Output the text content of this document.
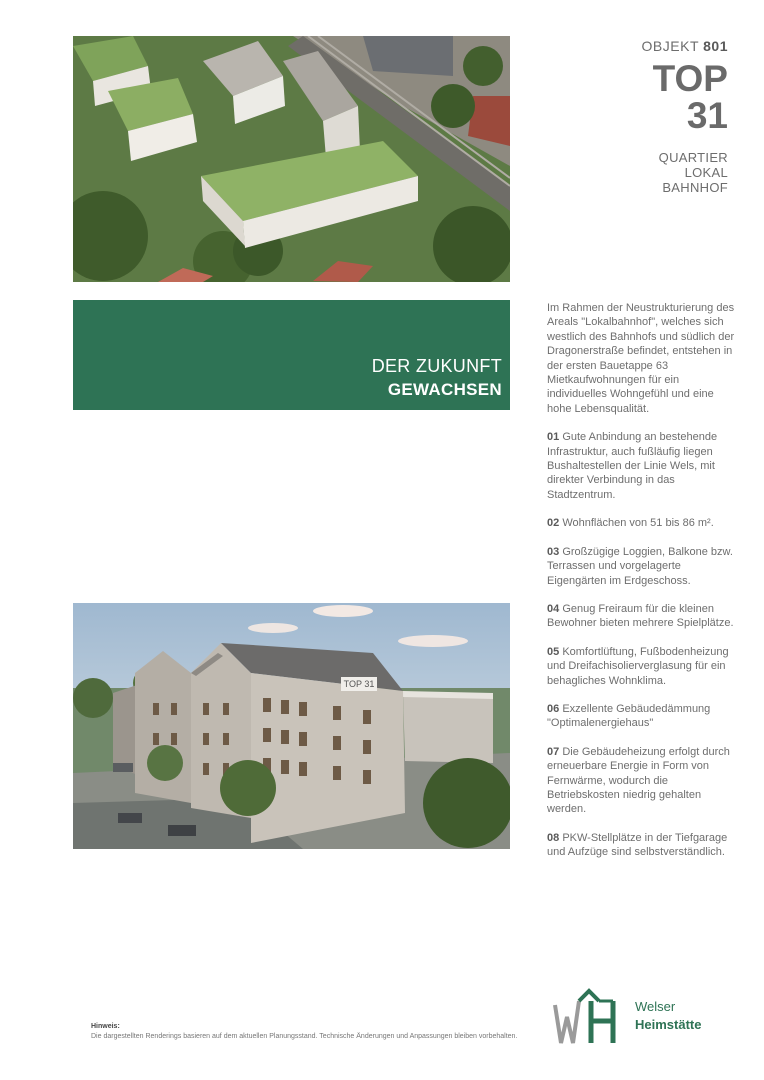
OBJEKT 801
TOP
31
QUARTIER
LOKAL
BAHNHOF
DER ZUKUNFT
GEWACHSEN

Im Rahmen der Neustrukturierung des Areals "Lokalbahnhof", welches sich westlich des Bahnhofs und südlich der Dragonerstraße befindet, entstehen in der ersten Bauetappe 63 Mietkaufwohnungen für ein individuelles Wohngefühl und eine hohe Lebensqualität.

01 Gute Anbindung an bestehende Infrastruktur, auch fußläufig liegen Bushaltestellen der Linie Wels, mit direkter Verbindung in das Stadtzentrum.

02 Wohnflächen von 51 bis 86 m².

03 Großzügige Loggien, Balkone bzw. Terrassen und vorgelagerte Eigengärten im Erdgeschoss.

04 Genug Freiraum für die kleinen Bewohner bieten mehrere Spielplätze.

05 Komfortlüftung, Fußbodenheizung und Dreifachisolierverglasung für ein behagliches Wohnklima.

06 Exzellente Gebäudedämmung "Optimalenergiehaus"

07 Die Gebäudeheizung erfolgt durch erneuerbare Energie in Form von Fernwärme, wodurch die Betriebskosten niedrig gehalten werden.

08 PKW-Stellplätze in der Tiefgarage und Aufzüge sind selbstverständlich.

TOP 31
Hinweis:
Die dargestellten Renderings basieren auf dem aktuellen Planungsstand. Technische Änderungen und Anpassungen bleiben vorbehalten.
Welser
Heimstätte
